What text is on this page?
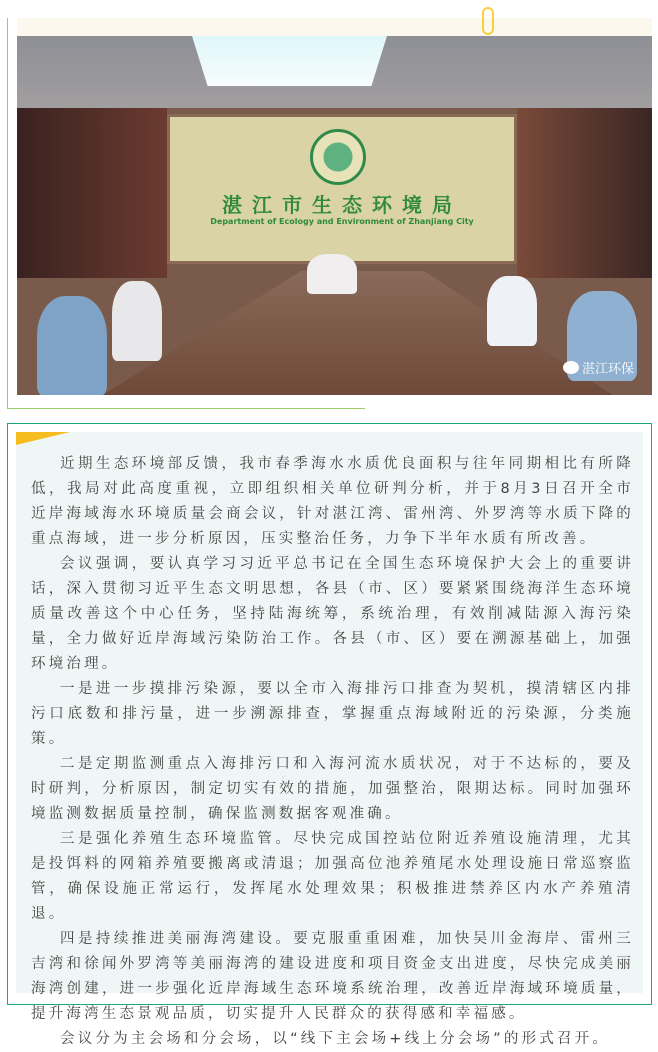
湛江市生态环境局
Department of Ecology and Environment of Zhanjiang City
湛江环保

近期生态环境部反馈，我市春季海水水质优良面积与往年同期相比有所降低，我局对此高度重视，立即组织相关单位研判分析，并于8月3日召开全市近岸海域海水环境质量会商会议，针对湛江湾、雷州湾、外罗湾等水质下降的重点海域，进一步分析原因，压实整治任务，力争下半年水质有所改善。

会议强调，要认真学习习近平总书记在全国生态环境保护大会上的重要讲话，深入贯彻习近平生态文明思想，各县（市、区）要紧紧围绕海洋生态环境质量改善这个中心任务，坚持陆海统筹，系统治理，有效削减陆源入海污染量，全力做好近岸海域污染防治工作。各县（市、区）要在溯源基础上，加强环境治理。

一是进一步摸排污染源，要以全市入海排污口排查为契机，摸清辖区内排污口底数和排污量，进一步溯源排查，掌握重点海域附近的污染源，分类施策。

二是定期监测重点入海排污口和入海河流水质状况，对于不达标的，要及时研判，分析原因，制定切实有效的措施，加强整治，限期达标。同时加强环境监测数据质量控制，确保监测数据客观准确。

三是强化养殖生态环境监管。尽快完成国控站位附近养殖设施清理，尤其是投饵料的网箱养殖要搬离或清退；加强高位池养殖尾水处理设施日常巡察监管，确保设施正常运行，发挥尾水处理效果；积极推进禁养区内水产养殖清退。

四是持续推进美丽海湾建设。要克服重重困难，加快吴川金海岸、雷州三吉湾和徐闻外罗湾等美丽海湾的建设进度和项目资金支出进度，尽快完成美丽海湾创建，进一步强化近岸海域生态环境系统治理，改善近岸海域环境质量，提升海湾生态景观品质，切实提升人民群众的获得感和幸福感。

会议分为主会场和分会场，以“线下主会场+线上分会场”的形式召开。
